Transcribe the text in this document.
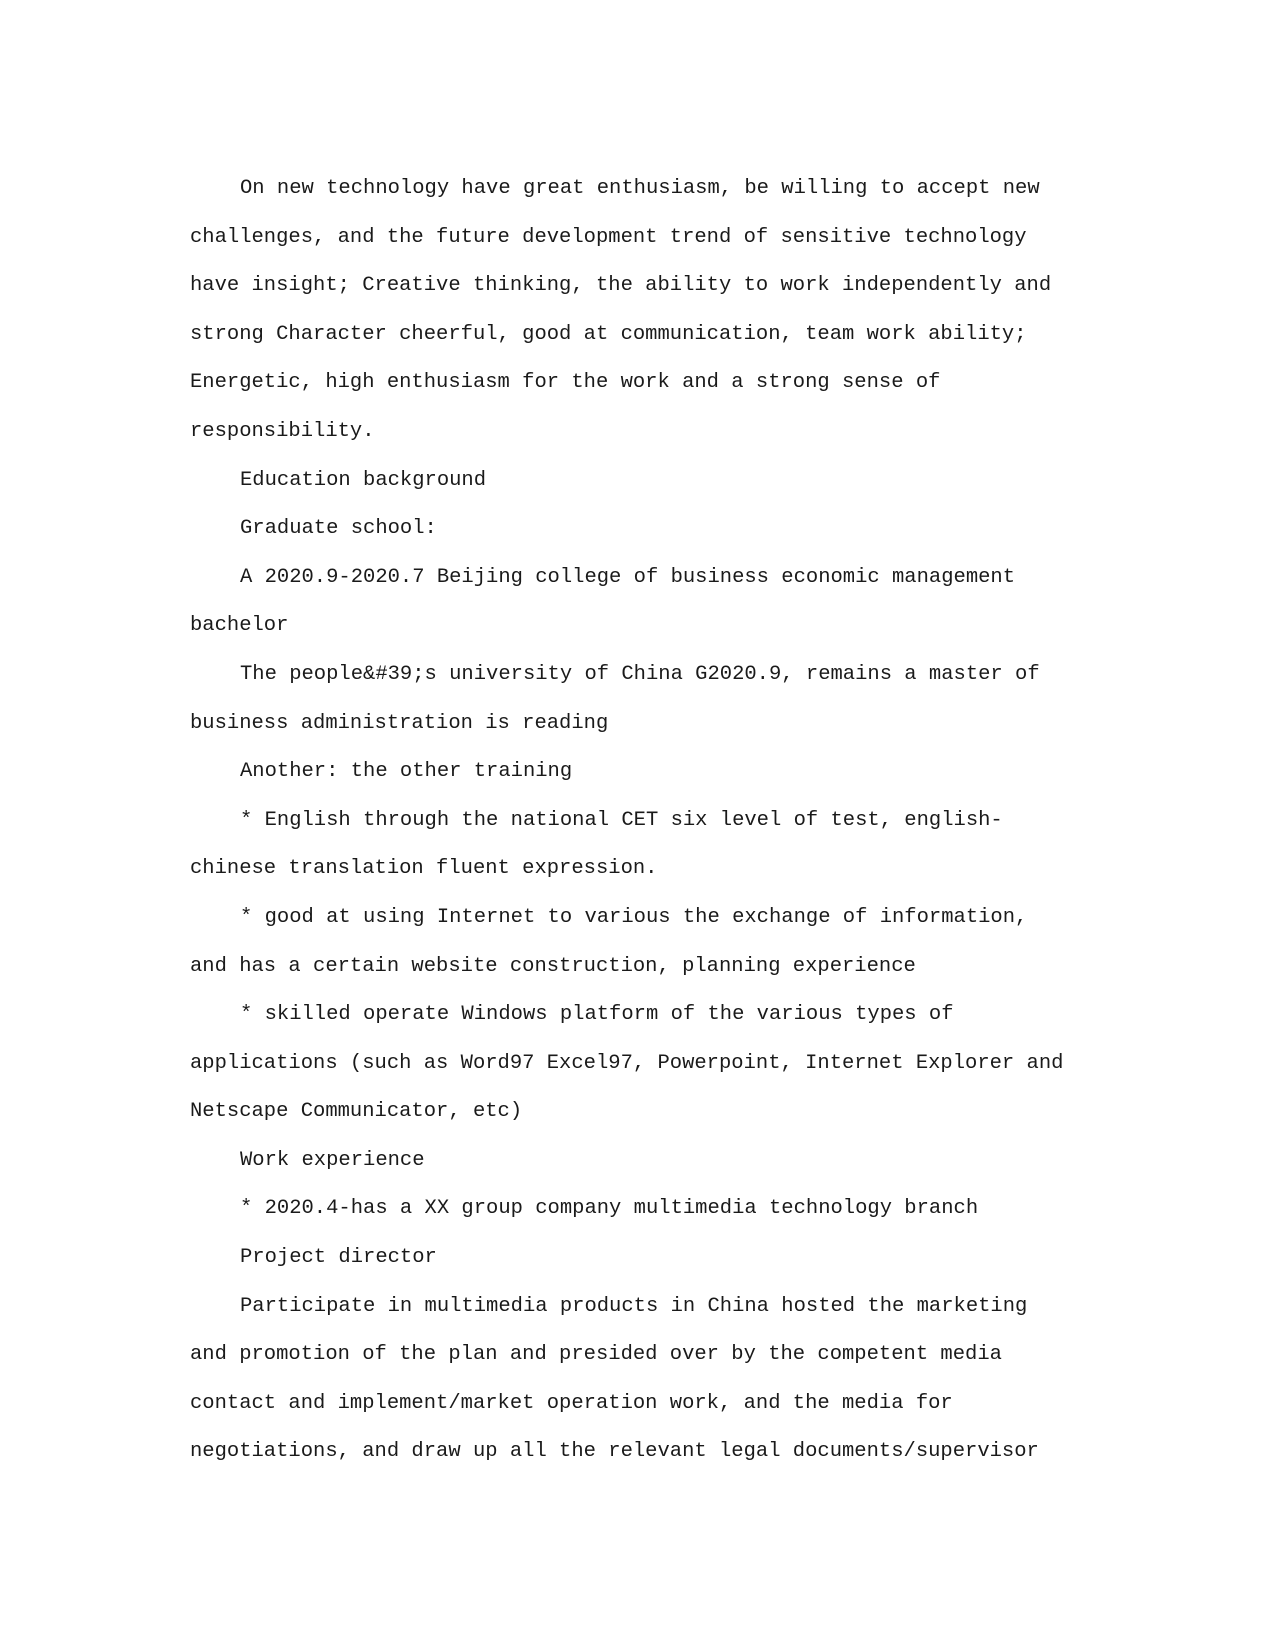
On new technology have great enthusiasm, be willing to accept new
challenges, and the future development trend of sensitive technology
have insight; Creative thinking, the ability to work independently and
strong Character cheerful, good at communication, team work ability;
Energetic, high enthusiasm for the work and a strong sense of
responsibility.

Education background

Graduate school:

A 2020.9-2020.7 Beijing college of business economic management
bachelor

The people&#39;s university of China G2020.9, remains a master of
business administration is reading

Another: the other training

* English through the national CET six level of test, english-
chinese translation fluent expression.

* good at using Internet to various the exchange of information,
and has a certain website construction, planning experience

* skilled operate Windows platform of the various types of
applications (such as Word97 Excel97, Powerpoint, Internet Explorer and
Netscape Communicator, etc)

Work experience

* 2020.4-has a XX group company multimedia technology branch

Project director

Participate in multimedia products in China hosted the marketing
and promotion of the plan and presided over by the competent media
contact and implement/market operation work, and the media for
negotiations, and draw up all the relevant legal documents/supervisor
